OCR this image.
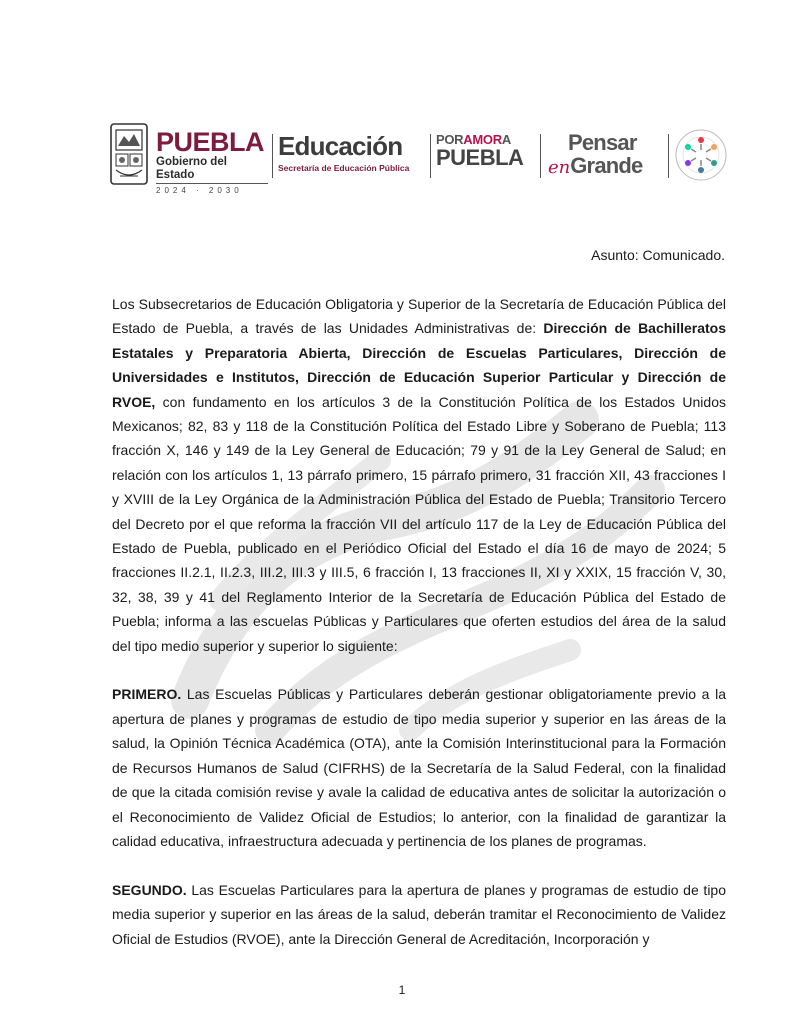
PUEBLA
Gobierno del Estado
2024 · 2030
Educación
Secretaría de Educación Pública
PORAMORA
PUEBLA
Pensar
enGrande
Asunto: Comunicado.

Los Subsecretarios de Educación Obligatoria y Superior de la Secretaría de Educación Pública del Estado de Puebla, a través de las Unidades Administrativas de: Dirección de Bachilleratos Estatales y Preparatoria Abierta, Dirección de Escuelas Particulares, Dirección de Universidades e Institutos, Dirección de Educación Superior Particular y Dirección de RVOE, con fundamento en los artículos 3 de la Constitución Política de los Estados Unidos Mexicanos; 82, 83 y 118 de la Constitución Política del Estado Libre y Soberano de Puebla; 113 fracción X, 146 y 149 de la Ley General de Educación; 79 y 91 de la Ley General de Salud; en relación con los artículos 1, 13 párrafo primero, 15 párrafo primero, 31 fracción XII, 43 fracciones I y XVIII de la Ley Orgánica de la Administración Pública del Estado de Puebla; Transitorio Tercero del Decreto por el que reforma la fracción VII del artículo 117 de la Ley de Educación Pública del Estado de Puebla, publicado en el Periódico Oficial del Estado el día 16 de mayo de 2024; 5 fracciones II.2.1, II.2.3, III.2, III.3 y III.5, 6 fracción I, 13 fracciones II, XI y XXIX, 15 fracción V, 30, 32, 38, 39 y 41 del Reglamento Interior de la Secretaría de Educación Pública del Estado de Puebla; informa a las escuelas Públicas y Particulares que oferten estudios del área de la salud del tipo medio superior y superior lo siguiente:

PRIMERO. Las Escuelas Públicas y Particulares deberán gestionar obligatoriamente previo a la apertura de planes y programas de estudio de tipo media superior y superior en las áreas de la salud, la Opinión Técnica Académica (OTA), ante la Comisión Interinstitucional para la Formación de Recursos Humanos de Salud (CIFRHS) de la Secretaría de la Salud Federal, con la finalidad de que la citada comisión revise y avale la calidad de educativa antes de solicitar la autorización o el Reconocimiento de Validez Oficial de Estudios; lo anterior, con la finalidad de garantizar la calidad educativa, infraestructura adecuada y pertinencia de los planes de programas.

SEGUNDO. Las Escuelas Particulares para la apertura de planes y programas de estudio de tipo media superior y superior en las áreas de la salud, deberán tramitar el Reconocimiento de Validez Oficial de Estudios (RVOE), ante la Dirección General de Acreditación, Incorporación y

1
